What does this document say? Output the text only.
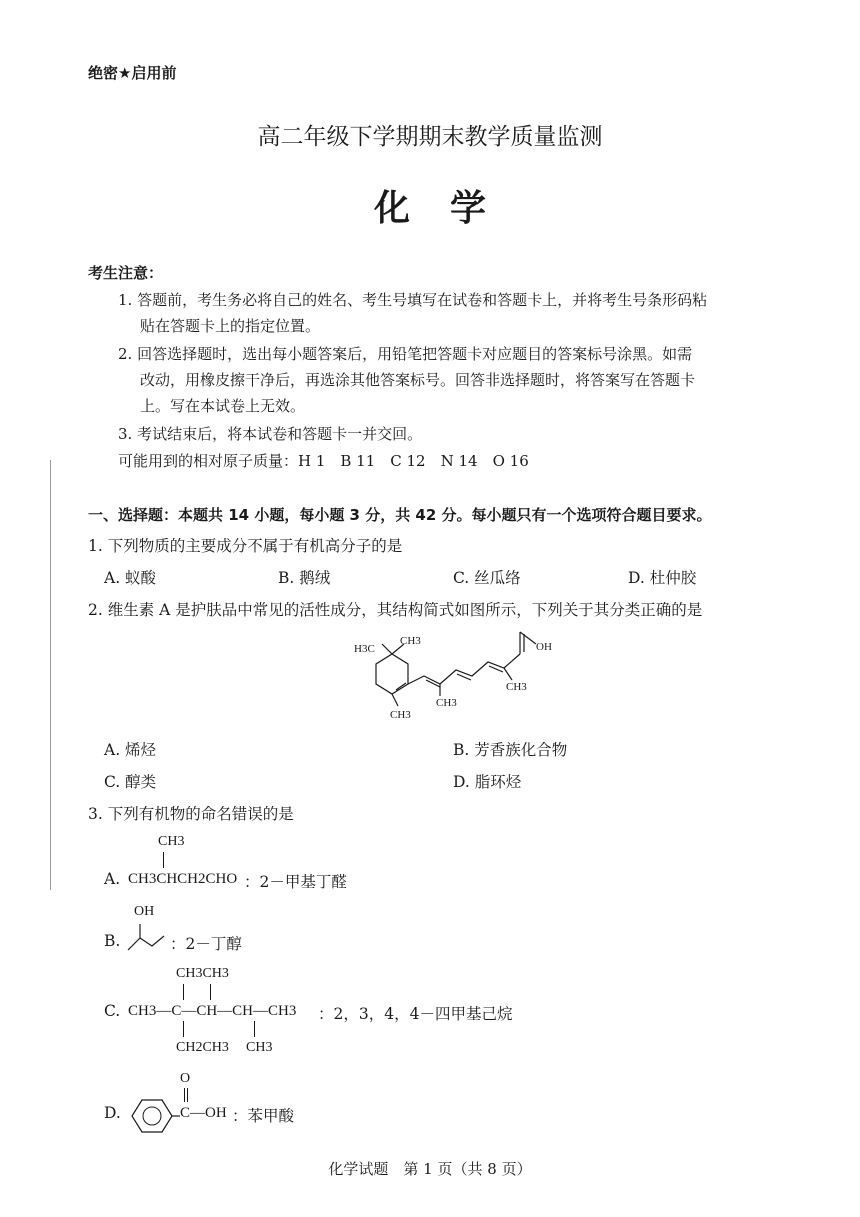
绝密★启用前
高二年级下学期期末教学质量监测
化学
考生注意：
1. 答题前，考生务必将自己的姓名、考生号填写在试卷和答题卡上，并将考生号条形码粘
贴在答题卡上的指定位置。
2. 回答选择题时，选出每小题答案后，用铅笔把答题卡对应题目的答案标号涂黑。如需
改动，用橡皮擦干净后，再选涂其他答案标号。回答非选择题时，将答案写在答题卡
上。写在本试卷上无效。
3. 考试结束后，将本试卷和答题卡一并交回。
可能用到的相对原子质量：H 1　B 11　C 12　N 14　O 16
一、选择题：本题共 14 小题，每小题 3 分，共 42 分。每小题只有一个选项符合题目要求。
1. 下列物质的主要成分不属于有机高分子的是
A. 蚁酸	B. 鹅绒	C. 丝瓜络	D. 杜仲胶
2. 维生素 A 是护肤品中常见的活性成分，其结构简式如图所示，下列关于其分类正确的是
H3C
CH3
CH3
CH3
CH3
OH
A. 烯烃	B. 芳香族化合物
C. 醇类	D. 脂环烃
3. 下列有机物的命名错误的是
CH3
A. CH3CHCH2CHO ：2－甲基丁醛
OH
B.	：2－丁醇
CH3CH3
C. CH3—C—CH—CH—CH3 ：2，3，4，4－四甲基己烷
CH2CH3 CH3
O
D.	C—OH ：苯甲酸
化学试题　第 1 页（共 8 页）
